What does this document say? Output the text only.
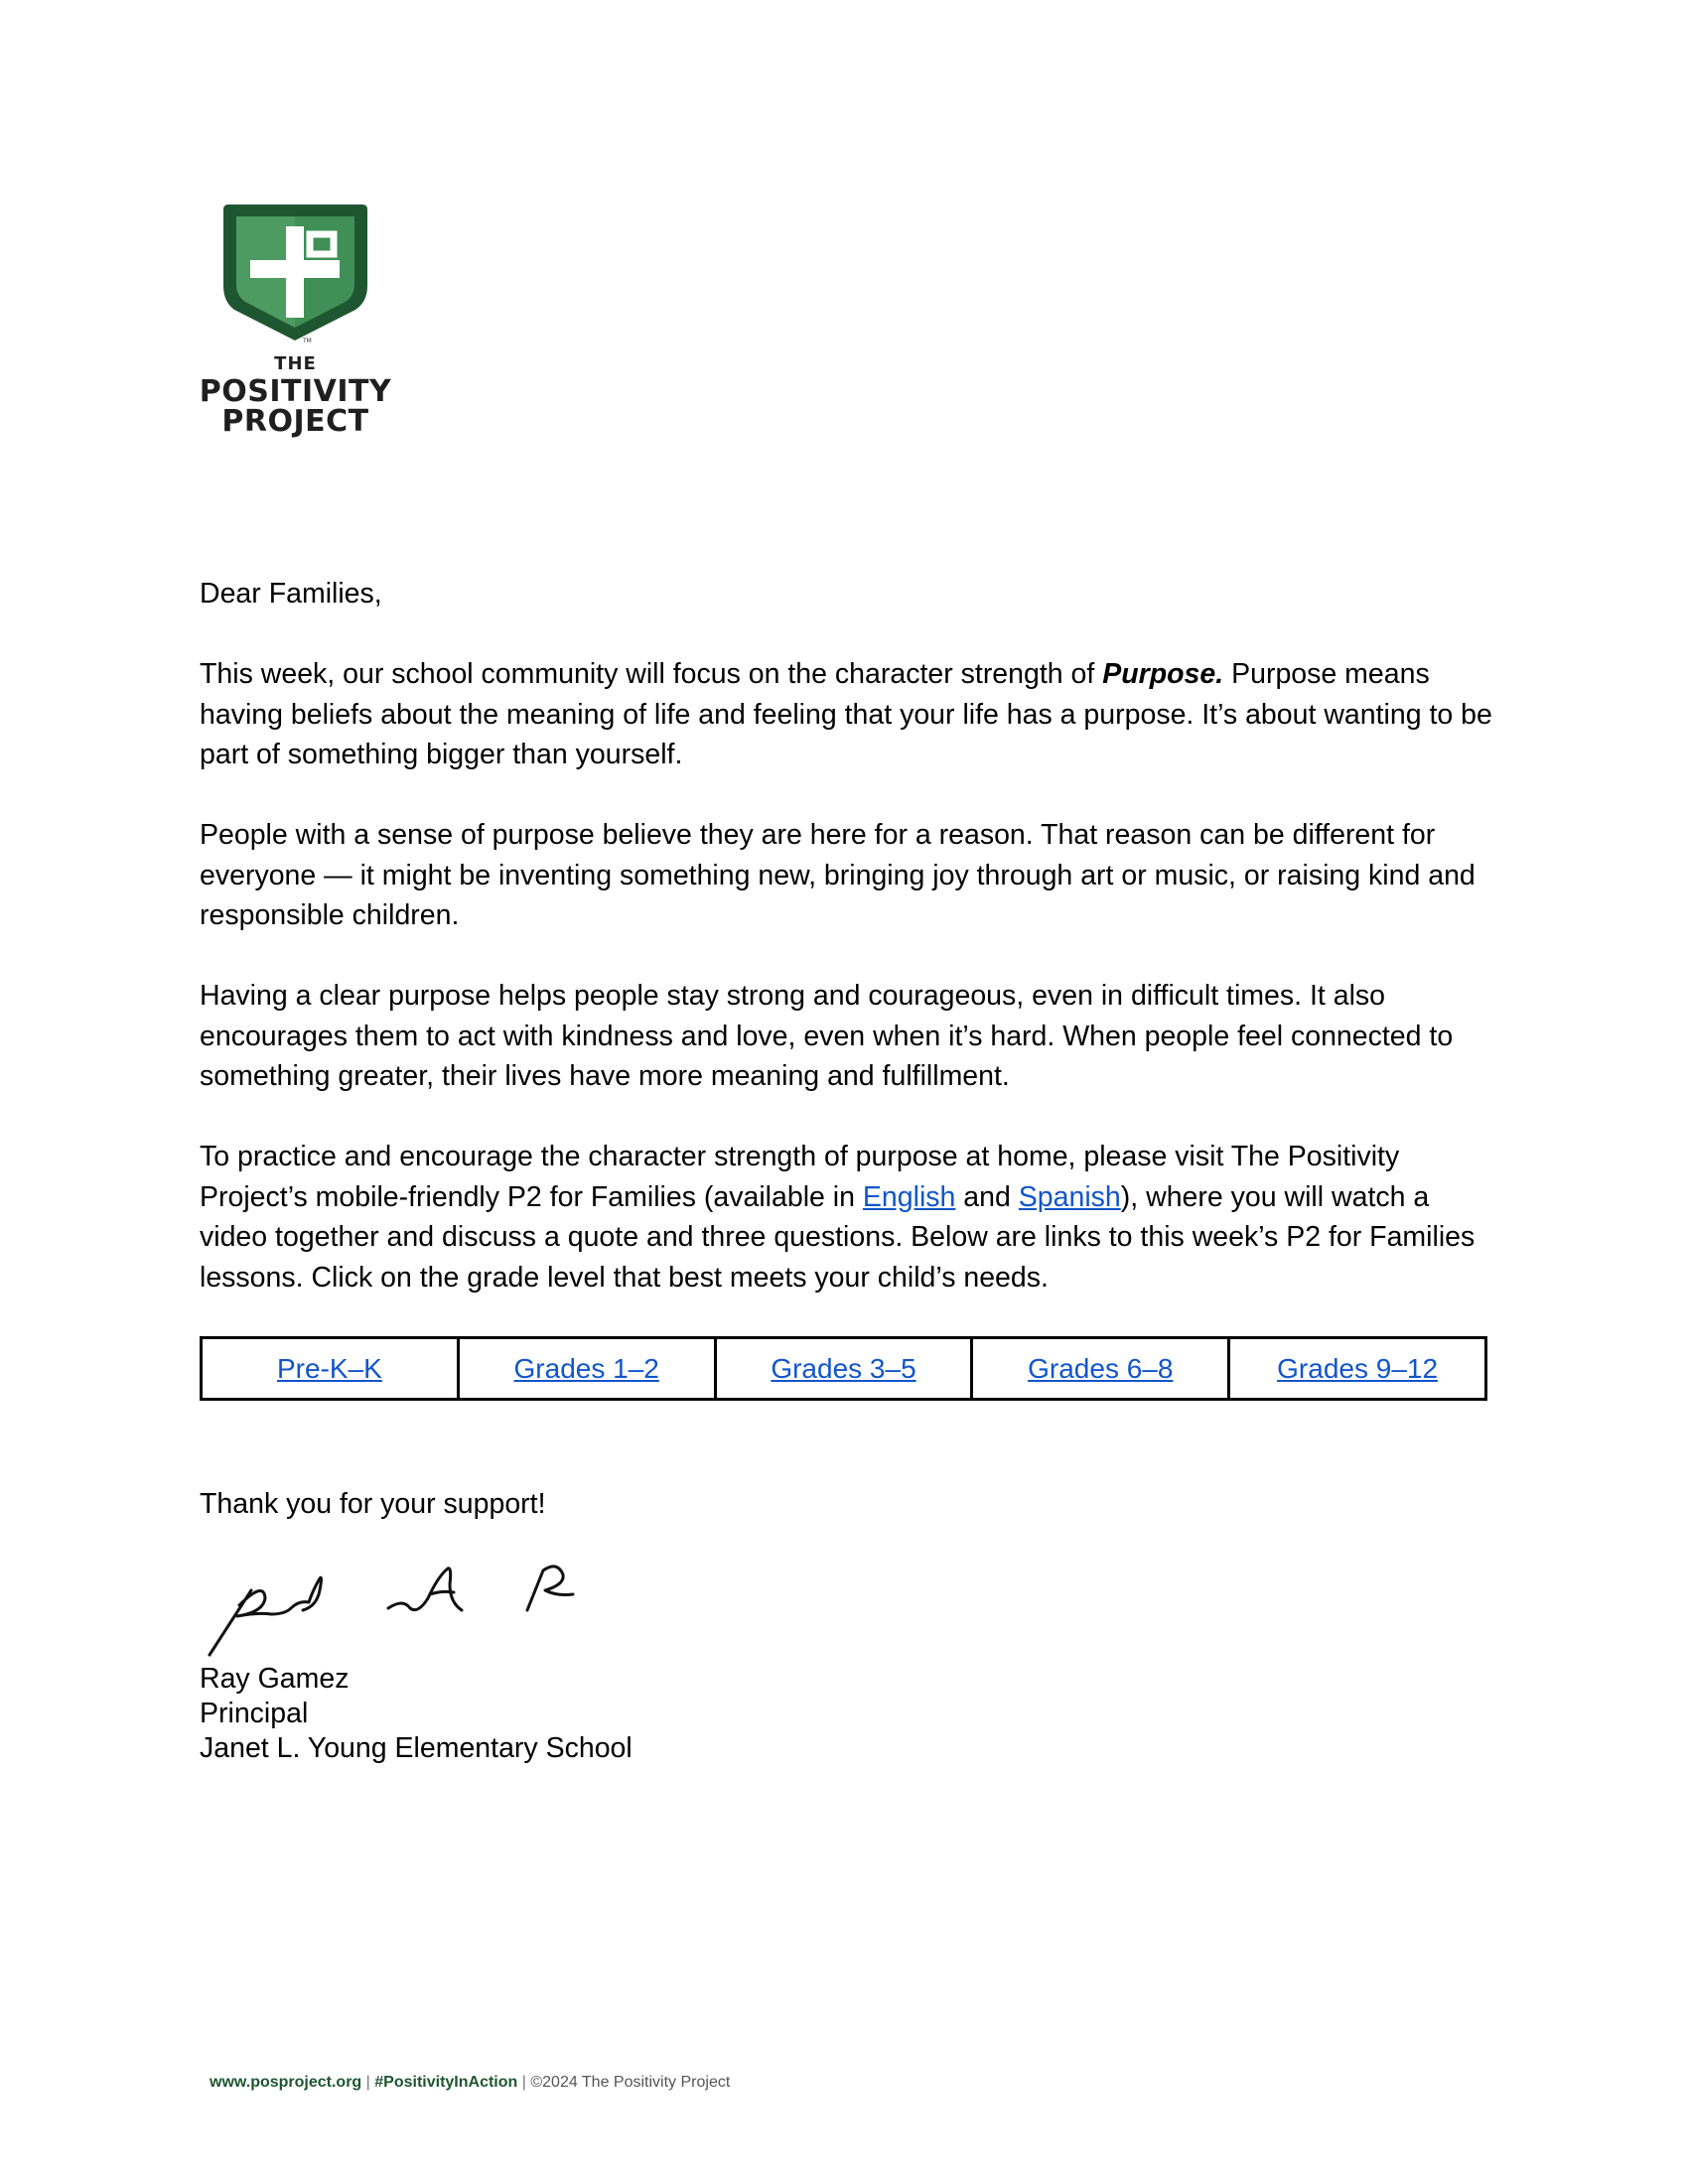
TM
THE
POSITIVITY
PROJECT

Dear Families,

This week, our school community will focus on the character strength of Purpose. Purpose means having beliefs about the meaning of life and feeling that your life has a purpose. It’s about wanting to be part of something bigger than yourself.

People with a sense of purpose believe they are here for a reason. That reason can be different for everyone — it might be inventing something new, bringing joy through art or music, or raising kind and responsible children.

Having a clear purpose helps people stay strong and courageous, even in difficult times. It also encourages them to act with kindness and love, even when it’s hard. When people feel connected to something greater, their lives have more meaning and fulfillment.

To practice and encourage the character strength of purpose at home, please visit The Positivity Project’s mobile-friendly P2 for Families (available in English and Spanish), where you will watch a video together and discuss a quote and three questions. Below are links to this week’s P2 for Families lessons. Click on the grade level that best meets your child’s needs.

Pre-K–K	Grades 1–2	Grades 3–5	Grades 6–8	Grades 9–12
Thank you for your support!
Ray Gamez
Principal
Janet L. Young Elementary School
www.posproject.org | #PositivityInAction | ©2024 The Positivity Project
